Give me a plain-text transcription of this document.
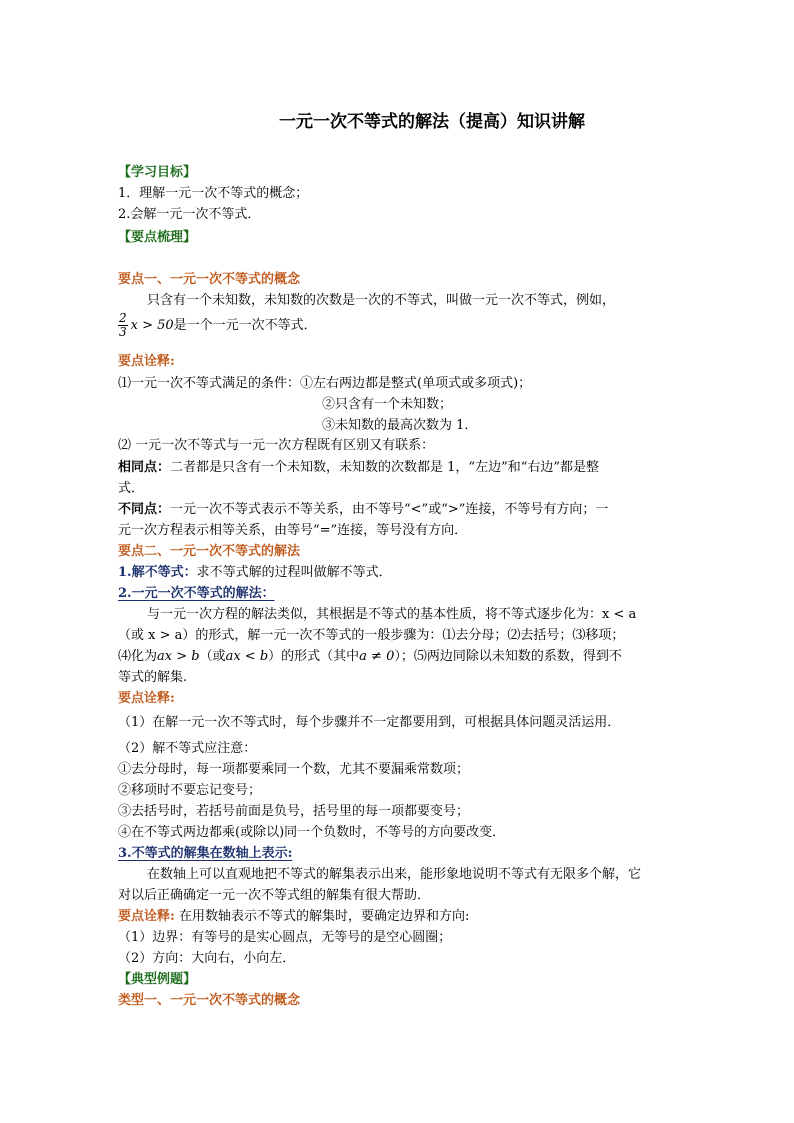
一元一次不等式的解法（提高）知识讲解
【学习目标】
1．理解一元一次不等式的概念；
2.会解一元一次不等式．
【要点梳理】
要点一、一元一次不等式的概念
只含有一个未知数，未知数的次数是一次的不等式，叫做一元一次不等式，例如，
$\frac{2}{3}$ x > 50是一个一元一次不等式．
要点诠释:
⑴一元一次不等式满足的条件：①左右两边都是整式(单项式或多项式)；
②只含有一个未知数；
③未知数的最高次数为 1．
⑵ 一元一次不等式与一元一次方程既有区别又有联系：
相同点：二者都是只含有一个未知数，未知数的次数都是 1，“左边”和“右边”都是整
式．
不同点：一元一次不等式表示不等关系，由不等号“<”或“>”连接，不等号有方向；一
元一次方程表示相等关系，由等号“=”连接，等号没有方向．
要点二、一元一次不等式的解法
1.解不等式：求不等式解的过程叫做解不等式．
2.一元一次不等式的解法：
与一元一次方程的解法类似，其根据是不等式的基本性质，将不等式逐步化为：x < a
（或 x > a）的形式，解一元一次不等式的一般步骤为：⑴去分母；⑵去括号；⑶移项；
⑷化为ax > b（或ax < b）的形式（其中a ≠ 0）；⑸两边同除以未知数的系数，得到不
等式的解集.
要点诠释:
（1）在解一元一次不等式时，每个步骤并不一定都要用到，可根据具体问题灵活运用．
（2）解不等式应注意：
①去分母时，每一项都要乘同一个数，尤其不要漏乘常数项；
②移项时不要忘记变号；
③去括号时，若括号前面是负号，括号里的每一项都要变号；
④在不等式两边都乘(或除以)同一个负数时，不等号的方向要改变．
3.不等式的解集在数轴上表示:
在数轴上可以直观地把不等式的解集表示出来，能形象地说明不等式有无限多个解，它
对以后正确确定一元一次不等式组的解集有很大帮助．
要点诠释: 在用数轴表示不等式的解集时，要确定边界和方向:
（1）边界：有等号的是实心圆点，无等号的是空心圆圈；
（2）方向：大向右，小向左．
【典型例题】
类型一、一元一次不等式的概念
